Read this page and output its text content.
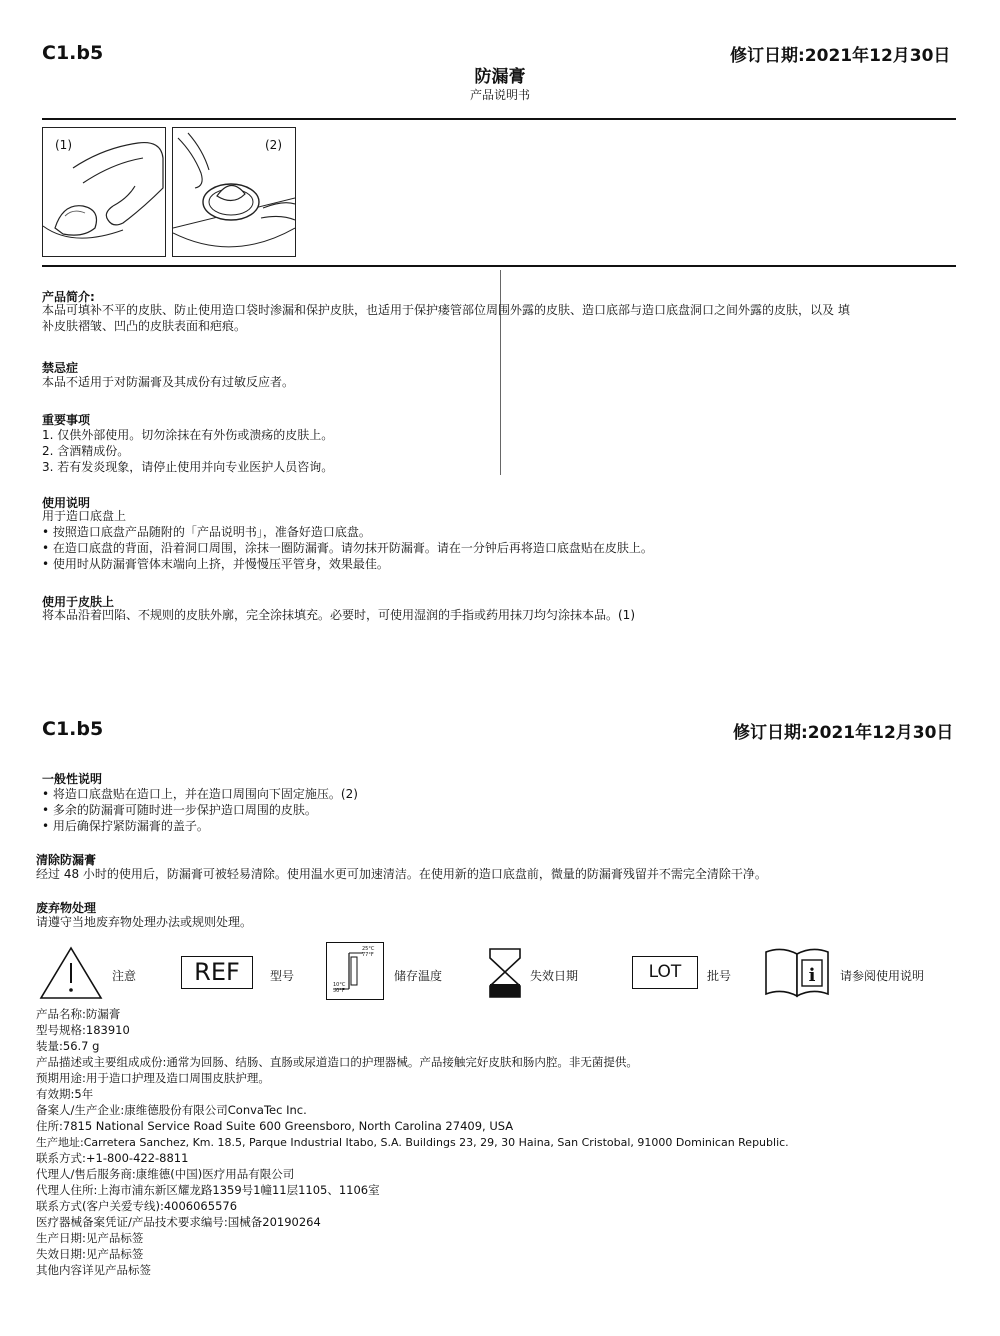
C1.b5	修订日期:2021年12月30日
防漏膏
产品说明书
(1)	(2)
产品简介:
本品可填补不平的皮肤、防止使用造口袋时渗漏和保护皮肤，也适用于保护瘘管部位周围外露的皮肤、造口底部与造口底盘洞口之间外露的皮肤，以及 填
补皮肤褶皱、凹凸的皮肤表面和疤痕。
禁忌症
本品不适用于对防漏膏及其成份有过敏反应者。
重要事项
1. 仅供外部使用。切勿涂抹在有外伤或溃疡的皮肤上。
2. 含酒精成份。
3. 若有发炎现象，请停止使用并向专业医护人员咨询。
使用说明
用于造口底盘上
• 按照造口底盘产品随附的「产品说明书」，准备好造口底盘。
• 在造口底盘的背面，沿着洞口周围，涂抹一圈防漏膏。请勿抹开防漏膏。请在一分钟后再将造口底盘贴在皮肤上。
• 使用时从防漏膏管体末端向上挤，并慢慢压平管身，效果最佳。
使用于皮肤上
将本品沿着凹陷、不规则的皮肤外廓，完全涂抹填充。必要时，可使用湿润的手指或药用抹刀均匀涂抹本品。(1)
C1.b5	修订日期:2021年12月30日
一般性说明
• 将造口底盘贴在造口上，并在造口周围向下固定施压。(2)
• 多余的防漏膏可随时进一步保护造口周围的皮肤。
• 用后确保拧紧防漏膏的盖子。
清除防漏膏
经过 48 小时的使用后，防漏膏可被轻易清除。使用温水更可加速清洁。在使用新的造口底盘前，微量的防漏膏残留并不需完全清除干净。
废弃物处理
请遵守当地废弃物处理办法或规则处理。
注意	REF	型号
25°C
77°F
10°C
50°F
储存温度	失效日期	LOT	批号	i 请参阅使用说明
产品名称:防漏膏
型号规格:183910
装量:56.7 g
产品描述或主要组成成份:通常为回肠、结肠、直肠或尿道造口的护理器械。产品接触完好皮肤和肠内腔。非无菌提供。
预期用途:用于造口护理及造口周围皮肤护理。
有效期:5年
备案人/生产企业:康维德股份有限公司ConvaTec Inc.
住所:7815 National Service Road Suite 600 Greensboro, North Carolina 27409, USA
生产地址:Carretera Sanchez, Km. 18.5, Parque Industrial Itabo, S.A. Buildings 23, 29, 30 Haina, San Cristobal, 91000 Dominican Republic.
联系方式:+1-800-422-8811
代理人/售后服务商:康维德(中国)医疗用品有限公司
代理人住所:上海市浦东新区耀龙路1359号1幢11层1105、1106室
联系方式(客户关爱专线):4006065576
医疗器械备案凭证/产品技术要求编号:国械备20190264
生产日期:见产品标签
失效日期:见产品标签
其他内容详见产品标签
